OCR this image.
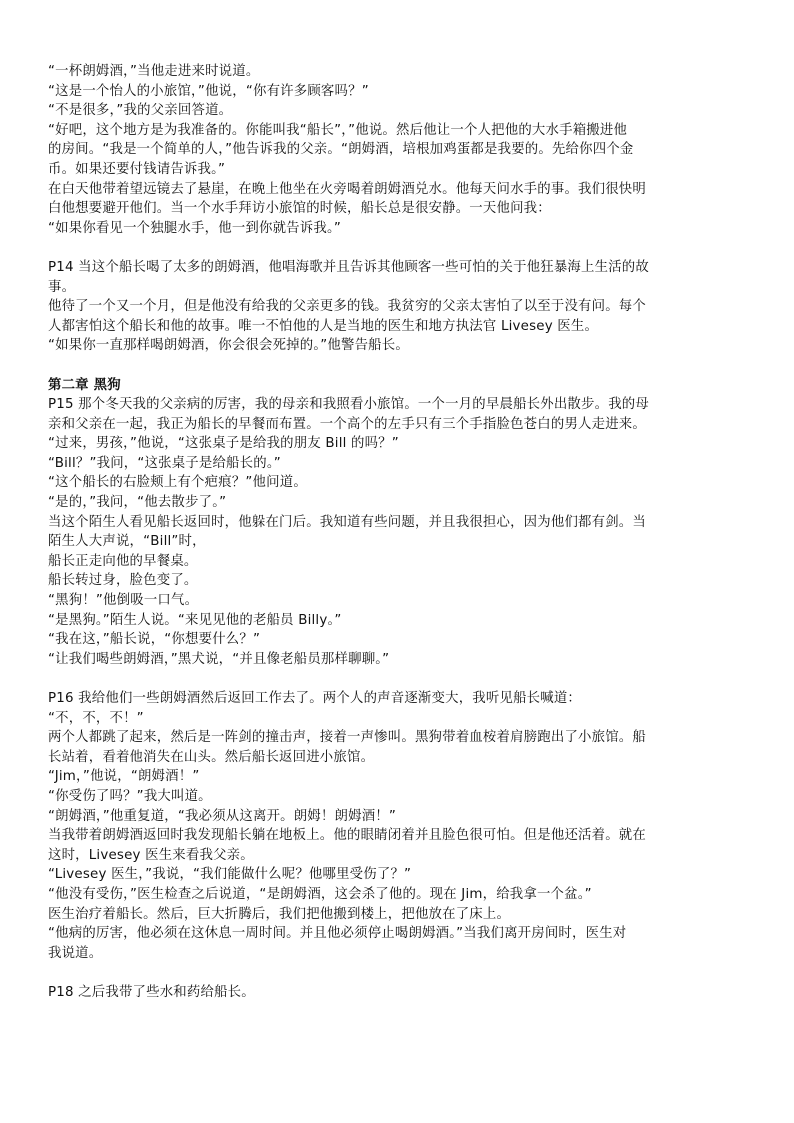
“一杯朗姆酒，”当他走进来时说道。
“这是一个怡人的小旅馆，”他说，“你有许多顾客吗？”
“不是很多，”我的父亲回答道。
“好吧，这个地方是为我准备的。你能叫我“船长”，”他说。然后他让一个人把他的大水手箱搬进他
的房间。“我是一个简单的人，”他告诉我的父亲。“朗姆酒，培根加鸡蛋都是我要的。先给你四个金
币。如果还要付钱请告诉我。”
在白天他带着望远镜去了悬崖，在晚上他坐在火旁喝着朗姆酒兑水。他每天问水手的事。我们很快明
白他想要避开他们。当一个水手拜访小旅馆的时候，船长总是很安静。一天他问我：
“如果你看见一个独腿水手，他一到你就告诉我。”
P14 当这个船长喝了太多的朗姆酒，他唱海歌并且告诉其他顾客一些可怕的关于他狂暴海上生活的故
事。
他待了一个又一个月，但是他没有给我的父亲更多的钱。我贫穷的父亲太害怕了以至于没有问。每个
人都害怕这个船长和他的故事。唯一不怕他的人是当地的医生和地方执法官 Livesey 医生。
“如果你一直那样喝朗姆酒，你会很会死掉的。”他警告船长。
第二章 黑狗
P15 那个冬天我的父亲病的厉害，我的母亲和我照看小旅馆。一个一月的早晨船长外出散步。我的母
亲和父亲在一起，我正为船长的早餐而布置。一个高个的左手只有三个手指脸色苍白的男人走进来。
“过来，男孩，”他说，“这张桌子是给我的朋友 Bill 的吗？”
“Bill？”我问，“这张桌子是给船长的。”
“这个船长的右脸颊上有个疤痕？”他问道。
“是的，”我问，“他去散步了。”
当这个陌生人看见船长返回时，他躲在门后。我知道有些问题，并且我很担心，因为他们都有剑。当
陌生人大声说，“Bill”时，
船长正走向他的早餐桌。
船长转过身，脸色变了。
“黑狗！”他倒吸一口气。
“是黑狗。”陌生人说。“来见见他的老船员 Billy。”
“我在这，”船长说，“你想要什么？”
“让我们喝些朗姆酒，”黑犬说，“并且像老船员那样聊聊。”
P16 我给他们一些朗姆酒然后返回工作去了。两个人的声音逐渐变大，我听见船长喊道：
“不，不，不！”
两个人都跳了起来，然后是一阵剑的撞击声，接着一声惨叫。黑狗带着血桉着肩膀跑出了小旅馆。船
长站着，看着他消失在山头。然后船长返回进小旅馆。
“Jim，”他说，“朗姆酒！”
“你受伤了吗？”我大叫道。
“朗姆酒，”他重复道，“我必须从这离开。朗姆！朗姆酒！”
当我带着朗姆酒返回时我发现船长躺在地板上。他的眼睛闭着并且脸色很可怕。但是他还活着。就在
这时，Livesey 医生来看我父亲。
“Livesey 医生，”我说，“我们能做什么呢？他哪里受伤了？”
“他没有受伤，”医生检查之后说道，“是朗姆酒，这会杀了他的。现在 Jim，给我拿一个盆。”
医生治疗着船长。然后，巨大折腾后，我们把他搬到楼上，把他放在了床上。
“他病的厉害，他必须在这休息一周时间。并且他必须停止喝朗姆酒。”当我们离开房间时，医生对
我说道。
P18 之后我带了些水和药给船长。
